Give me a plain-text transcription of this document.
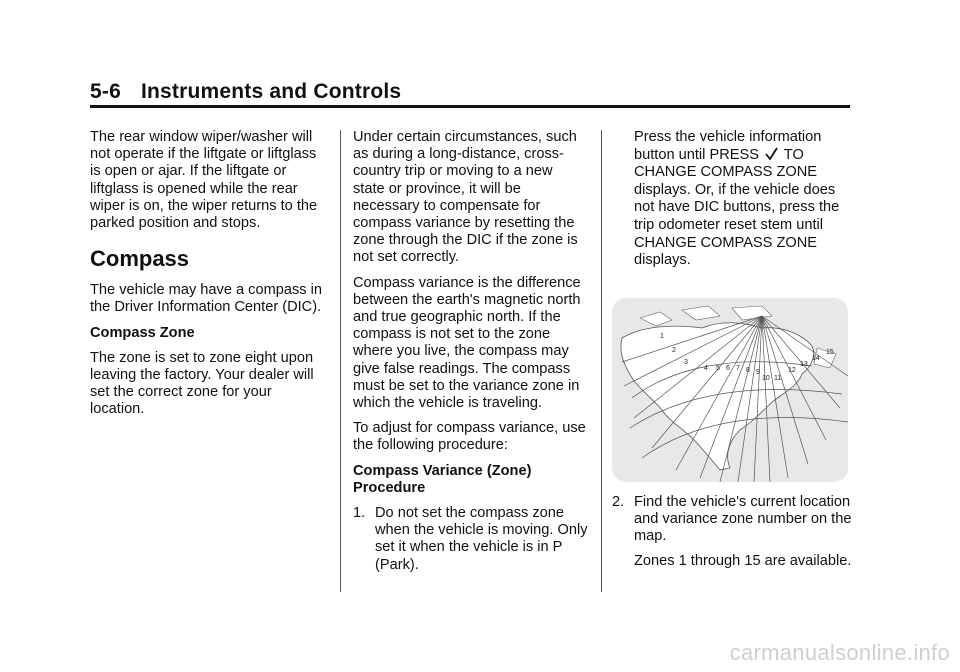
5-6 Instruments and Controls

The rear window wiper/washer will not operate if the liftgate or liftglass is open or ajar. If the liftgate or liftglass is opened while the rear wiper is on, the wiper returns to the parked position and stops.

Compass

The vehicle may have a compass in the Driver Information Center (DIC).

Compass Zone

The zone is set to zone eight upon leaving the factory. Your dealer will set the correct zone for your location.

Under certain circumstances, such as during a long-distance, cross-country trip or moving to a new state or province, it will be necessary to compensate for compass variance by resetting the zone through the DIC if the zone is not set correctly.

Compass variance is the difference between the earth's magnetic north and true geographic north. If the compass is not set to the zone where you live, the compass may give false readings. The compass must be set to the variance zone in which the vehicle is traveling.

To adjust for compass variance, use the following procedure:

Compass Variance (Zone) Procedure

1. Do not set the compass zone when the vehicle is moving. Only set it when the vehicle is in P (Park).
Press the vehicle information button until PRESS TO CHANGE COMPASS ZONE displays. Or, if the vehicle does not have DIC buttons, press the trip odometer reset stem until CHANGE COMPASS ZONE displays.
1
2
3
4 5 6 7 8 9
10 11
12
13
14
15
2. Find the vehicle's current location and variance zone number on the map.

Zones 1 through 15 are available.

carmanualsonline.info
